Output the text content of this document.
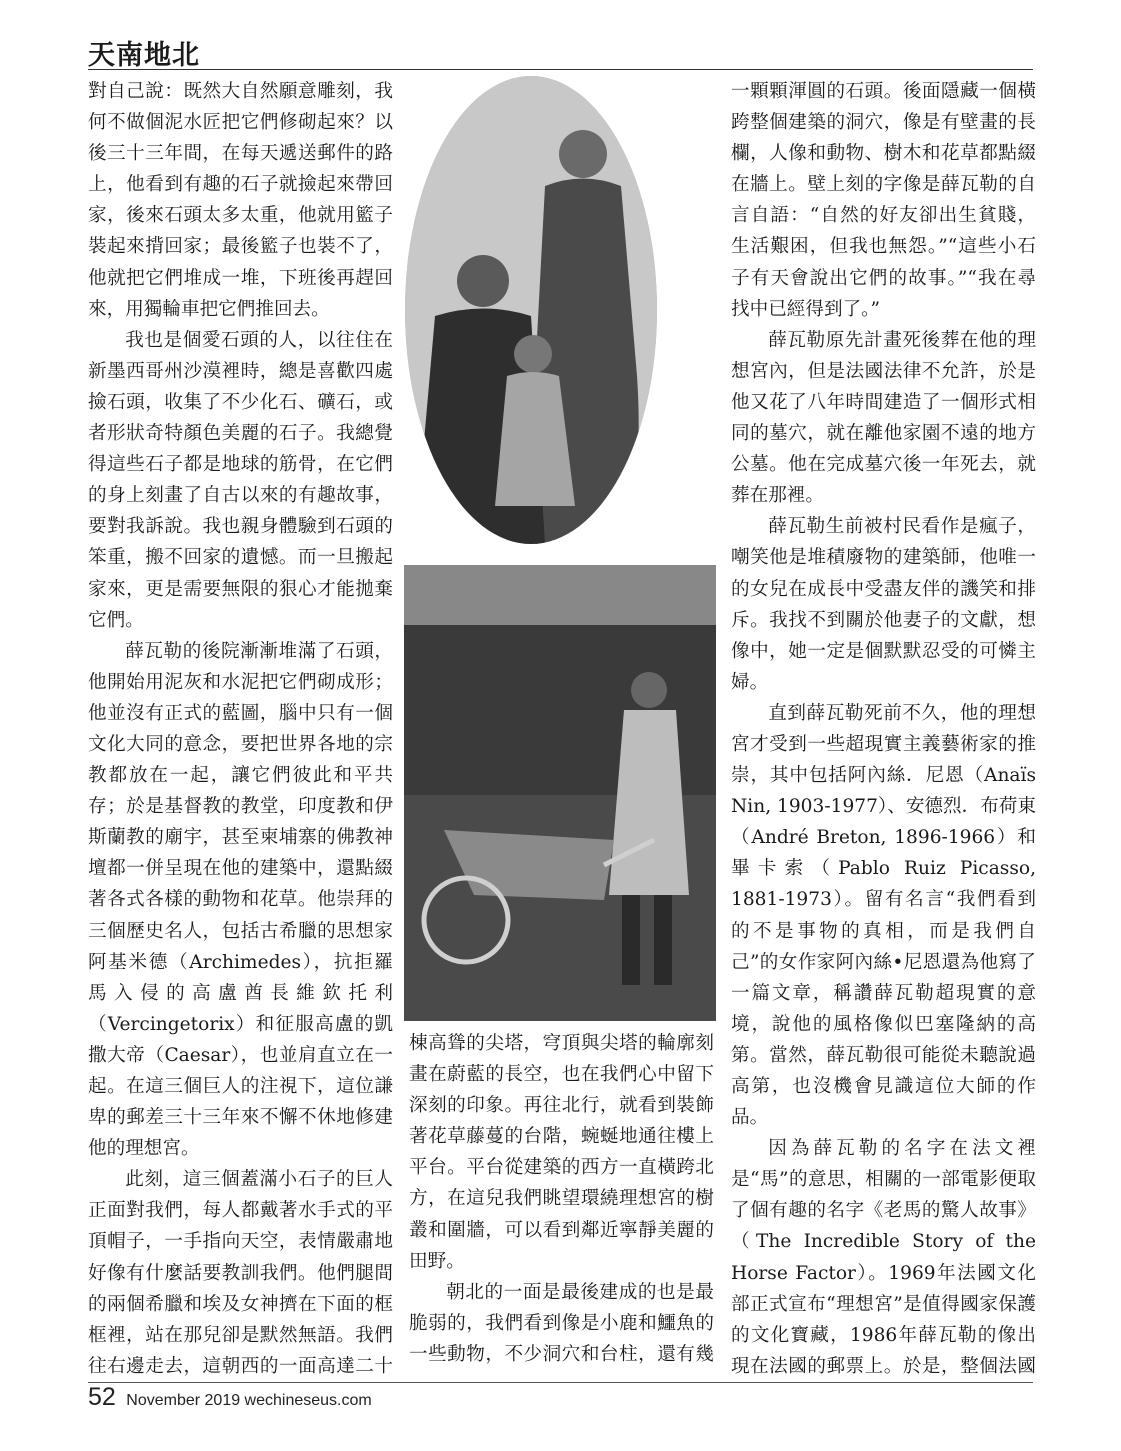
天南地北

對自己說：既然大自然願意雕刻，我何不做個泥水匠把它們修砌起來？以後三十三年間，在每天遞送郵件的路上，他看到有趣的石子就撿起來帶回家，後來石頭太多太重，他就用籃子裝起來揹回家；最後籃子也裝不了，他就把它們堆成一堆，下班後再趕回來，用獨輪車把它們推回去。

我也是個愛石頭的人，以往住在新墨西哥州沙漠裡時，總是喜歡四處撿石頭，收集了不少化石、礦石，或者形狀奇特顏色美麗的石子。我總覺得這些石子都是地球的筋骨，在它們的身上刻畫了自古以來的有趣故事，要對我訴說。我也親身體驗到石頭的笨重，搬不回家的遺憾。而一旦搬起家來，更是需要無限的狠心才能拋棄它們。

薛瓦勒的後院漸漸堆滿了石頭，他開始用泥灰和水泥把它們砌成形；他並沒有正式的藍圖，腦中只有一個文化大同的意念，要把世界各地的宗教都放在一起，讓它們彼此和平共存；於是基督教的教堂，印度教和伊斯蘭教的廟宇，甚至柬埔寨的佛教神壇都一併呈現在他的建築中，還點綴著各式各樣的動物和花草。他崇拜的三個歷史名人，包括古希臘的思想家阿基米德（Archimedes），抗拒羅馬入侵的高盧酋長維欽托利（Vercingetorix）和征服高盧的凱撒大帝（Caesar），也並肩直立在一起。在這三個巨人的注視下，這位謙卑的郵差三十三年來不懈不休地修建他的理想宮。

此刻，這三個蓋滿小石子的巨人正面對我們，每人都戴著水手式的平頂帽子，一手指向天空，表情嚴肅地好像有什麼話要教訓我們。他們腿間的兩個希臘和埃及女神擠在下面的框框裡，站在那兒卻是默然無語。我們往右邊走去，這朝西的一面高達二十

棟高聳的尖塔，穹頂與尖塔的輪廓刻畫在蔚藍的長空，也在我們心中留下深刻的印象。再往北行，就看到裝飾著花草藤蔓的台階，蜿蜒地通往樓上平台。平台從建築的西方一直橫跨北方，在這兒我們眺望環繞理想宮的樹叢和圍牆，可以看到鄰近寧靜美麗的田野。

朝北的一面是最後建成的也是最脆弱的，我們看到像是小鹿和鱷魚的一些動物，不少洞穴和台柱，還有幾

一顆顆渾圓的石頭。後面隱藏一個橫跨整個建築的洞穴，像是有壁畫的長欄，人像和動物、樹木和花草都點綴在牆上。壁上刻的字像是薛瓦勒的自言自語：“自然的好友卻出生貧賤，生活艱困，但我也無怨。”“這些小石子有天會說出它們的故事。”“我在尋找中已經得到了。”

薛瓦勒原先計畫死後葬在他的理想宮內，但是法國法律不允許，於是他又花了八年時間建造了一個形式相同的墓穴，就在離他家園不遠的地方公墓。他在完成墓穴後一年死去，就葬在那裡。

薛瓦勒生前被村民看作是瘋子，嘲笑他是堆積廢物的建築師，他唯一的女兒在成長中受盡友伴的譏笑和排斥。我找不到關於他妻子的文獻，想像中，她一定是個默默忍受的可憐主婦。

直到薛瓦勒死前不久，他的理想宮才受到一些超現實主義藝術家的推崇，其中包括阿內絲．尼恩（Anaïs Nin, 1903-1977）、安德烈．布荷東（André Breton, 1896-1966）和畢卡索（Pablo Ruiz Picasso, 1881-1973）。留有名言“我們看到的不是事物的真相，而是我們自己”的女作家阿內絲•尼恩還為他寫了一篇文章，稱讚薛瓦勒超現實的意境，說他的風格像似巴塞隆納的高第。當然，薛瓦勒很可能從未聽說過高第，也沒機會見識這位大師的作品。

因為薛瓦勒的名字在法文裡是“馬”的意思，相關的一部電影便取了個有趣的名字《老馬的驚人故事》（The Incredible Story of the Horse Factor）。1969年法國文化部正式宣布“理想宮”是值得國家保護的文化寶藏，1986年薛瓦勒的像出現在法國的郵票上。於是，整個法國

52 November 2019 wechineseus.com
